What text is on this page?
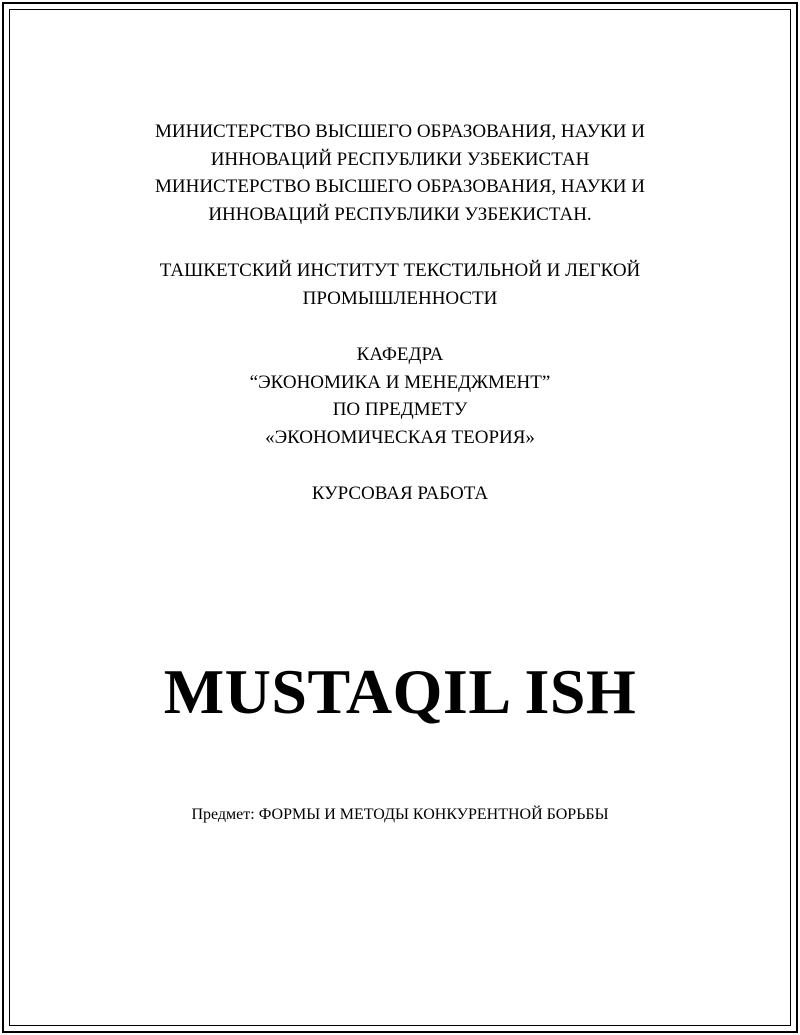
МИНИСТЕРСТВО ВЫСШЕГО ОБРАЗОВАНИЯ, НАУКИ И
ИННОВАЦИЙ РЕСПУБЛИКИ УЗБЕКИСТАН
МИНИСТЕРСТВО ВЫСШЕГО ОБРАЗОВАНИЯ, НАУКИ И
ИННОВАЦИЙ РЕСПУБЛИКИ УЗБЕКИСТАН.
ТАШКЕТСКИЙ ИНСТИТУТ ТЕКСТИЛЬНОЙ И ЛЕГКОЙ
ПРОМЫШЛЕННОСТИ
КАФЕДРА
“ЭКОНОМИКА И МЕНЕДЖМЕНТ”
ПО ПРЕДМЕТУ
«ЭКОНОМИЧЕСКАЯ ТЕОРИЯ»
КУРСОВАЯ РАБОТА
MUSTAQIL ISH
Предмет: ФОРМЫ И МЕТОДЫ КОНКУРЕНТНОЙ БОРЬБЫ
